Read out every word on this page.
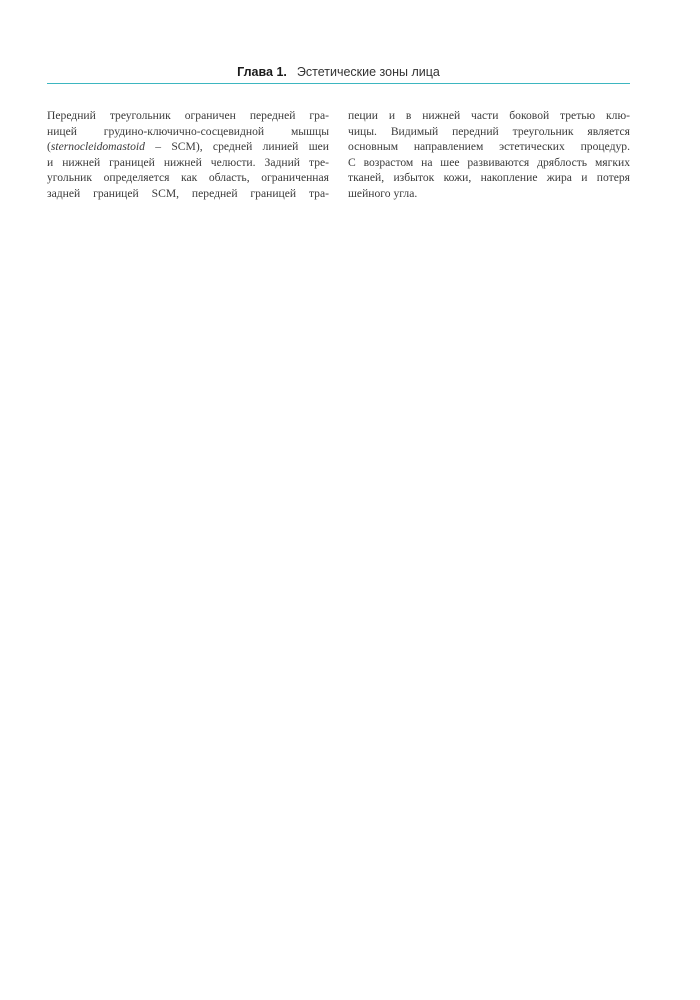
Глава 1. Эстетические зоны лица
Передний треугольник ограничен передней гра-
ницей грудино-ключично-сосцевидной мышцы
(sternocleidomastoid – SCM), средней линией шеи
и нижней границей нижней челюсти. Задний тре-
угольник определяется как область, ограниченная
задней границей SCM, передней границей тра-
пеции и в нижней части боковой третью клю-
чицы. Видимый передний треугольник является
основным направлением эстетических процедур.
С возрастом на шее развиваются дряблость мягких
тканей, избыток кожи, накопление жира и потеря
шейного угла.
